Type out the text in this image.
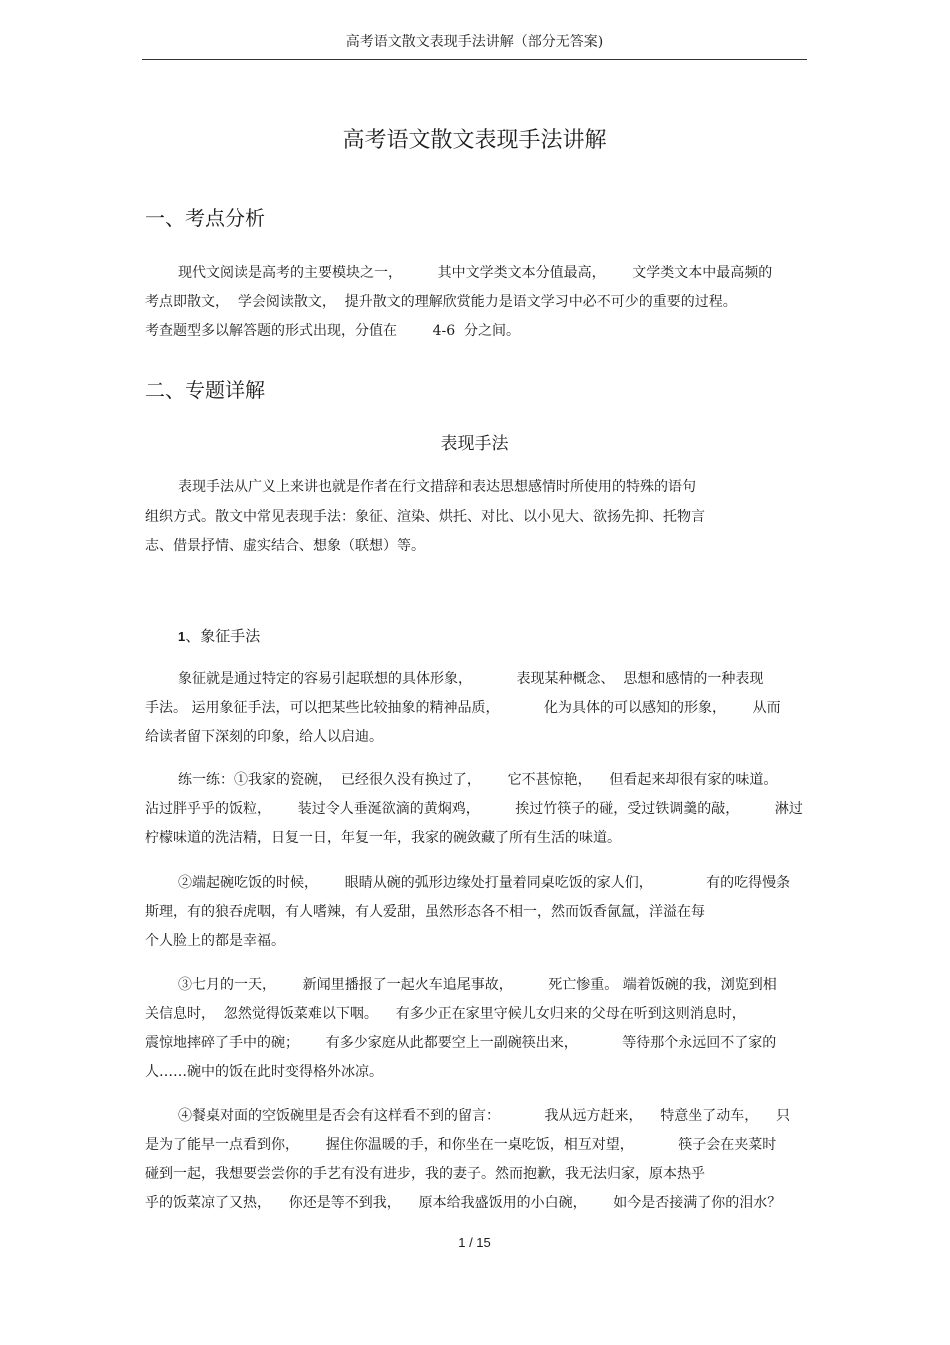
高考语文散文表现手法讲解（部分无答案)
高考语文散文表现手法讲解
一、考点分析
现代文阅读是高考的主要模块之一，        其中文学类文本分值最高，      文学类文本中最高频的
考点即散文，  学会阅读散文，  提升散文的理解欣赏能力是语文学习中必不可少的重要的过程。
考查题型多以解答题的形式出现，分值在        4-6  分之间。
二、专题详解
表现手法
表现手法从广义上来讲也就是作者在行文措辞和表达思想感情时所使用的特殊的语句
组织方式。散文中常见表现手法：象征、渲染、烘托、对比、以小见大、欲扬先抑、托物言
志、借景抒情、虚实结合、想象（联想）等。
1、象征手法
象征就是通过特定的容易引起联想的具体形象，          表现某种概念、  思想和感情的一种表现
手法。 运用象征手法，可以把某些比较抽象的精神品质，          化为具体的可以感知的形象，      从而
给读者留下深刻的印象，给人以启迪。
练一练：①我家的瓷碗，  已经很久没有换过了，      它不甚惊艳，    但看起来却很有家的味道。
沾过胖乎乎的饭粒，      装过令人垂涎欲滴的黄焖鸡，        挨过竹筷子的碰，受过铁调羹的敲，        淋过
柠檬味道的洗洁精，日复一日，年复一年，我家的碗敛藏了所有生活的味道。
②端起碗吃饭的时候，      眼睛从碗的弧形边缘处打量着同桌吃饭的家人们，            有的吃得慢条
斯理，有的狼吞虎咽，有人嗜辣，有人爱甜，虽然形态各不相一，然而饭香氤氲，洋溢在每
个人脸上的都是幸福。
③七月的一天，      新闻里播报了一起火车追尾事故，        死亡惨重。 端着饭碗的我，浏览到相
关信息时，  忽然觉得饭菜难以下咽。    有多少正在家里守候儿女归来的父母在听到这则消息时，
震惊地摔碎了手中的碗；      有多少家庭从此都要空上一副碗筷出来，          等待那个永远回不了家的
人……碗中的饭在此时变得格外冰凉。
④餐桌对面的空饭碗里是否会有这样看不到的留言：          我从远方赶来，    特意坐了动车，    只
是为了能早一点看到你，      握住你温暖的手，和你坐在一桌吃饭，相互对望，          筷子会在夹菜时
碰到一起，我想要尝尝你的手艺有没有进步，我的妻子。然而抱歉，我无法归家，原本热乎
乎的饭菜凉了又热，    你还是等不到我，    原本给我盛饭用的小白碗，      如今是否接满了你的泪水？
1 / 15
